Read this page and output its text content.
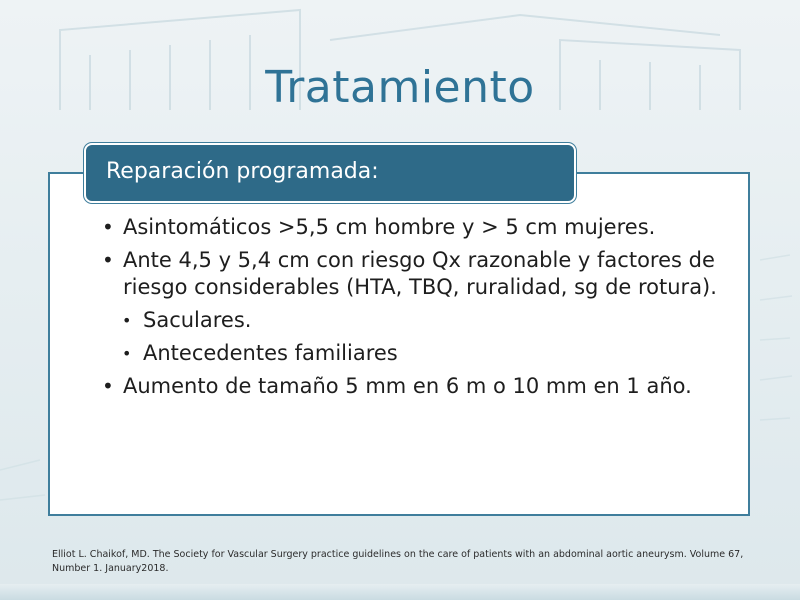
Tratamiento
Reparación programada:
• Asintomáticos >5,5 cm hombre y > 5 cm mujeres.
• Ante 4,5 y 5,4 cm con riesgo Qx razonable y factores de riesgo considerables (HTA, TBQ, ruralidad, sg de rotura).
• Saculares.
• Antecedentes familiares
• Aumento de tamaño 5 mm en 6 m o 10 mm en 1 año.
Elliot L. Chaikof, MD. The Society for Vascular Surgery practice guidelines on the care of patients with an abdominal aortic aneurysm. Volume 67,
Number 1. January2018.
